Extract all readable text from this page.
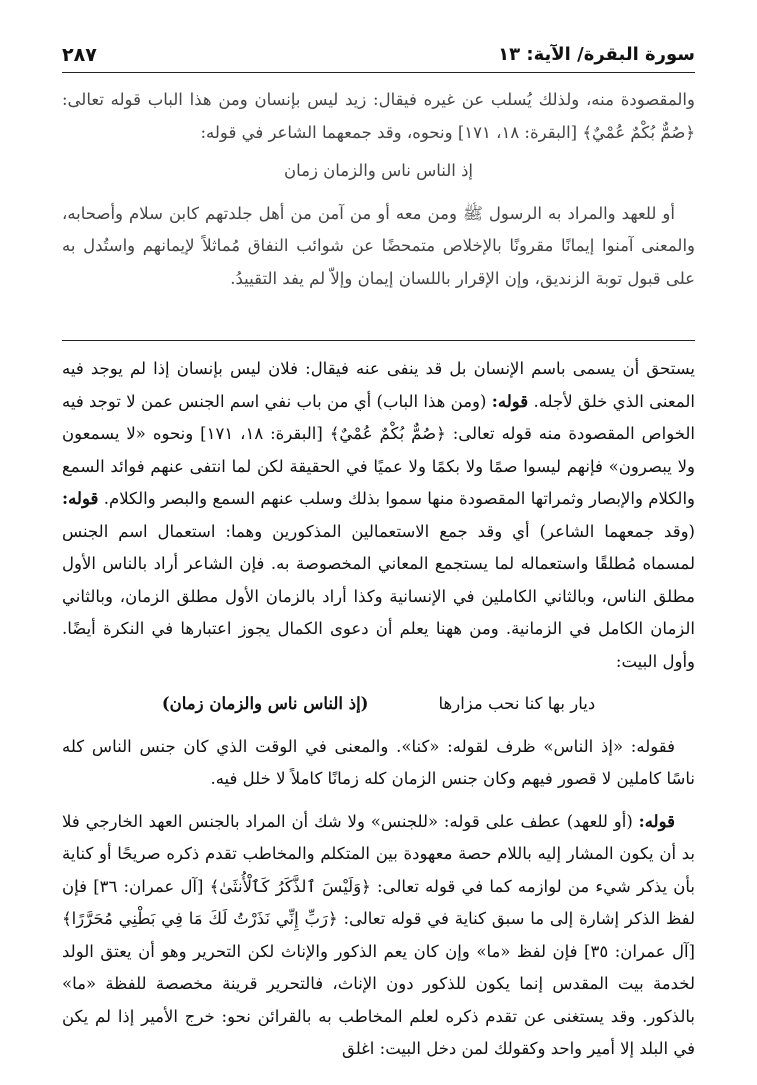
٢٨٧	سورة البقرة/ الآية: ١٣

والمقصودة منه، ولذلك يُسلب عن غيره فيقال: زيد ليس بإنسان ومن هذا الباب قوله تعالى: ﴿صُمٌّ بُكْمٌ عُمْيٌ﴾ [البقرة: ١٨، ١٧١] ونحوه، وقد جمعهما الشاعر في قوله:

إذ الناس ناس والزمان زمان

أو للعهد والمراد به الرسول ﷺ ومن معه أو من آمن من أهل جلدتهم كابن سلام وأصحابه، والمعنى آمنوا إيمانًا مقرونًا بالإخلاص متمحضًا عن شوائب النفاق مُماثلاً لإيمانهم واستُدل به على قبول توبة الزنديق، وإن الإقرار باللسان إيمان وإلاّ لم يفد التقييدُ.

يستحق أن يسمى باسم الإنسان بل قد ينفى عنه فيقال: فلان ليس بإنسان إذا لم يوجد فيه المعنى الذي خلق لأجله. قوله: (ومن هذا الباب) أي من باب نفي اسم الجنس عمن لا توجد فيه الخواص المقصودة منه قوله تعالى: ﴿صُمٌّ بُكْمٌ عُمْيٌ﴾ [البقرة: ١٨، ١٧١] ونحوه «لا يسمعون ولا يبصرون» فإنهم ليسوا صمًا ولا بكمًا ولا عميًا في الحقيقة لكن لما انتفى عنهم فوائد السمع والكلام والإبصار وثمراتها المقصودة منها سموا بذلك وسلب عنهم السمع والبصر والكلام. قوله: (وقد جمعهما الشاعر) أي وقد جمع الاستعمالين المذكورين وهما: استعمال اسم الجنس لمسماه مُطلقًا واستعماله لما يستجمع المعاني المخصوصة به. فإن الشاعر أراد بالناس الأول مطلق الناس، وبالثاني الكاملين في الإنسانية وكذا أراد بالزمان الأول مطلق الزمان، وبالثاني الزمان الكامل في الزمانية. ومن ههنا يعلم أن دعوى الكمال يجوز اعتبارها في النكرة أيضًا. وأول البيت:

ديار بها كنا نحب مزارها
(إذ الناس ناس والزمان زمان)

فقوله: «إذ الناس» ظرف لقوله: «كنا». والمعنى في الوقت الذي كان جنس الناس كله ناسًا كاملين لا قصور فيهم وكان جنس الزمان كله زمانًا كاملاً لا خلل فيه.

قوله: (أو للعهد) عطف على قوله: «للجنس» ولا شك أن المراد بالجنس العهد الخارجي فلا بد أن يكون المشار إليه باللام حصة معهودة بين المتكلم والمخاطب تقدم ذكره صريحًا أو كناية بأن يذكر شيء من لوازمه كما في قوله تعالى: ﴿وَلَيْسَ ٱلذَّكَرُ كَٱلْأُنثَىٰ﴾ [آل عمران: ٣٦] فإن لفظ الذكر إشارة إلى ما سبق كناية في قوله تعالى: ﴿رَبِّ إِنِّي نَذَرْتُ لَكَ مَا فِي بَطْنِي مُحَرَّرًا﴾ [آل عمران: ٣٥] فإن لفظ «ما» وإن كان يعم الذكور والإناث لكن التحرير وهو أن يعتق الولد لخدمة بيت المقدس إنما يكون للذكور دون الإناث، فالتحرير قرينة مخصصة للفظة «ما» بالذكور. وقد يستغنى عن تقدم ذكره لعلم المخاطب به بالقرائن نحو: خرج الأمير إذا لم يكن في البلد إلا أمير واحد وكقولك لمن دخل البيت: اغلق
